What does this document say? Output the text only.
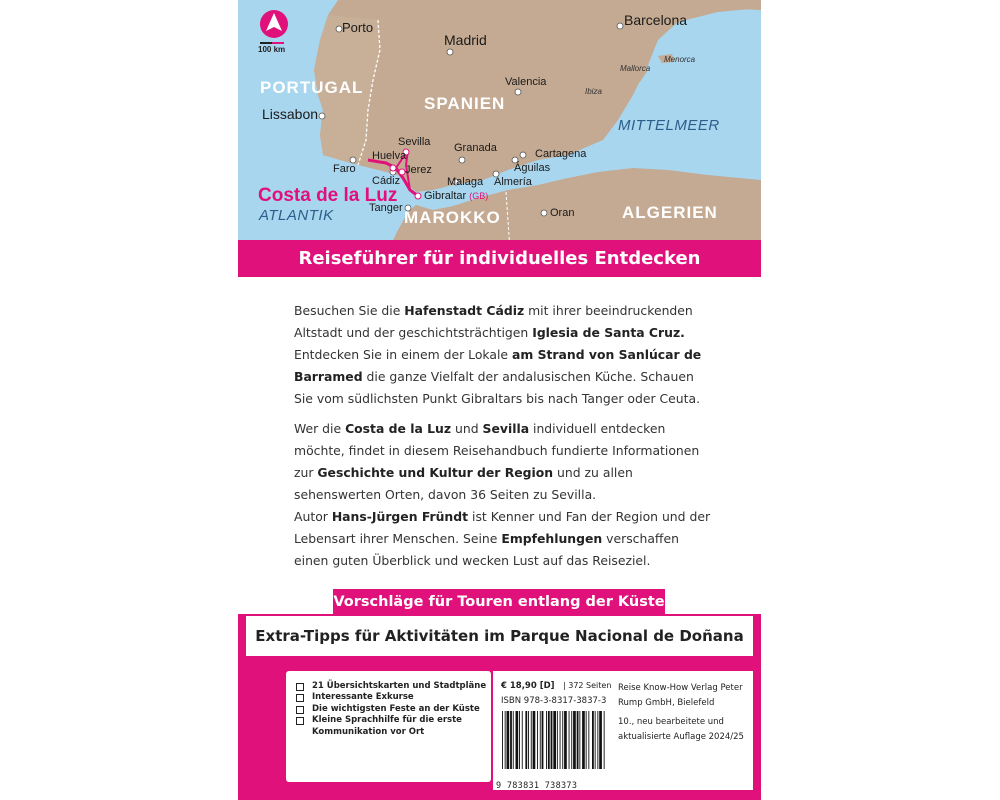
100 km
Porto
Madrid
Barcelona
Valencia
Lissabon
Sevilla
Huelva
Faro	Jerez
Cádiz
Granada
Malaga
Gibraltar (GB)
Tanger
Almería
Águilas
Cartagena
Oran
Mallorca
Menorca
Ibiza
PORTUGAL
SPANIEN
MAROKKO	ALGERIEN
MITTELMEER
ATLANTIK
Costa de la Luz
Reiseführer für individuelles Entdecken

Besuchen Sie die Hafenstadt Cádiz mit ihrer beeindruckenden Altstadt und der geschichtsträchtigen Iglesia de Santa Cruz. Entdecken Sie in einem der Lokale am Strand von Sanlúcar de Barramed die ganze Vielfalt der andalusischen Küche. Schauen Sie vom südlichsten Punkt Gibraltars bis nach Tanger oder Ceuta.

Wer die Costa de la Luz und Sevilla individuell entdecken möchte, findet in diesem Reisehandbuch fundierte Informationen zur Geschichte und Kultur der Region und zu allen sehenswerten Orten, davon 36 Seiten zu Sevilla.

Autor Hans-Jürgen Fründt ist Kenner und Fan der Region und der Lebensart ihrer Menschen. Seine Empfehlungen verschaffen einen guten Überblick und wecken Lust auf das Reiseziel.

Vorschläge für Touren entlang der Küste
Extra-Tipps für Aktivitäten im Parque Nacional de Doñana
21 Übersichtskarten und Stadtpläne
Interessante Exkurse
Die wichtigsten Feste an der Küste
Kleine Sprachhilfe für die erste Kommunikation vor Ort
€ 18,90 [D] | 372 Seiten
ISBN 978-3-8317-3837-3
Reise Know-How Verlag Peter Rump GmbH, Bielefeld
10., neu bearbeitete und aktualisierte Auflage 2024/25
9 783831 738373
